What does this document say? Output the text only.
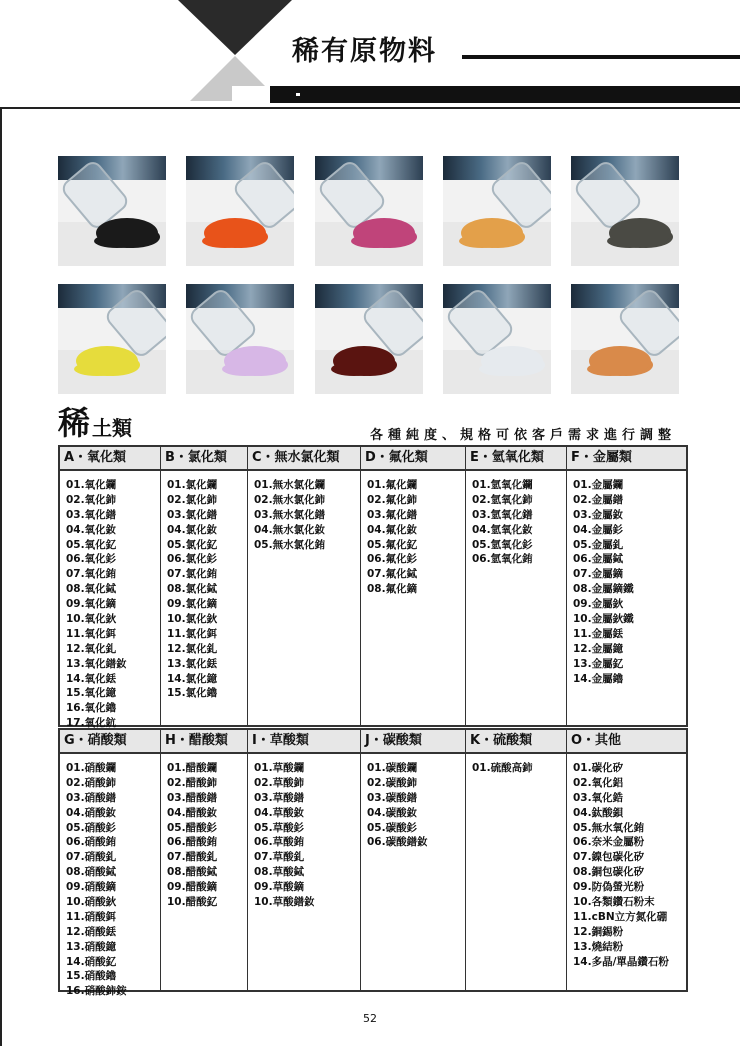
稀有原物料
稀 土類	各種純度、規格可依客戶需求進行調整
A・氧化類
01.氧化鑭
02.氧化鈰
03.氧化鐠
04.氧化釹
05.氧化釔
06.氧化釤
07.氧化銪
08.氧化鋱
09.氧化鏑
10.氧化鈥
11.氧化鉺
12.氧化釓
13.氧化鐠釹
14.氧化銩
15.氧化鐿
16.氧化鑥
17.氧化鈧
B・氯化類
01.氯化鑭
02.氯化鈰
03.氯化鐠
04.氯化釹
05.氯化釔
06.氯化釤
07.氯化銪
08.氯化鋱
09.氯化鏑
10.氯化鈥
11.氯化鉺
12.氯化釓
13.氯化銩
14.氯化鐿
15.氯化鑥
C・無水氯化類
01.無水氯化鑭
02.無水氯化鈰
03.無水氯化鐠
04.無水氯化釹
05.無水氯化銪
D・氟化類
01.氟化鑭
02.氟化鈰
03.氟化鐠
04.氟化釹
05.氟化釔
06.氟化釤
07.氟化鋱
08.氟化鏑
E・氫氧化類
01.氫氧化鑭
02.氫氧化鈰
03.氫氧化鐠
04.氫氧化釹
05.氫氧化釤
06.氫氧化銪
F・金屬類
01.金屬鑭
02.金屬鐠
03.金屬釹
04.金屬釤
05.金屬釓
06.金屬鋱
07.金屬鏑
08.金屬鏑鐵
09.金屬鈥
10.金屬鈥鐵
11.金屬銩
12.金屬鐿
13.金屬釔
14.金屬鑥
G・硝酸類
01.硝酸鑭
02.硝酸鈰
03.硝酸鐠
04.硝酸釹
05.硝酸釤
06.硝酸銪
07.硝酸釓
08.硝酸鋱
09.硝酸鏑
10.硝酸鈥
11.硝酸鉺
12.硝酸銩
13.硝酸鐿
14.硝酸釔
15.硝酸鑥
16.硝酸鈰銨
H・醋酸類
01.醋酸鑭
02.醋酸鈰
03.醋酸鐠
04.醋酸釹
05.醋酸釤
06.醋酸銪
07.醋酸釓
08.醋酸鋱
09.醋酸鏑
10.醋酸釔
I・草酸類
01.草酸鑭
02.草酸鈰
03.草酸鐠
04.草酸釹
05.草酸釤
06.草酸銪
07.草酸釓
08.草酸鋱
09.草酸鏑
10.草酸鐠釹
J・碳酸類
01.碳酸鑭
02.碳酸鈰
03.碳酸鐠
04.碳酸釹
05.碳酸釤
06.碳酸鐠釹
K・硫酸類
01.硫酸高鈰
O・其他
01.碳化矽
02.氧化鋁
03.氧化鋯
04.鈦酸鋇
05.無水氧化銪
06.奈米金屬粉
07.鎳包碳化矽
08.銅包碳化矽
09.防偽螢光粉
10.各類鑽石粉末
11.cBN立方氮化硼
12.銅錫粉
13.燒結粉
14.多晶/單晶鑽石粉
52
